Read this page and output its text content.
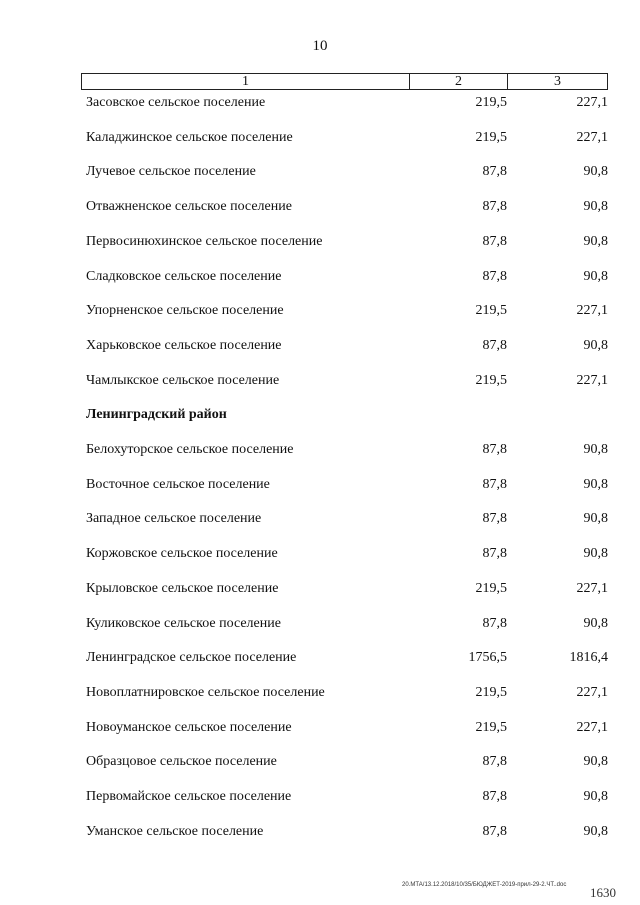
10
1	2	3
Засовское сельское поселение	219,5	227,1
Каладжинское сельское поселение	219,5	227,1
Лучевое сельское поселение	87,8	90,8
Отважненское сельское поселение	87,8	90,8
Первосинюхинское сельское поселение	87,8	90,8
Сладковское сельское поселение	87,8	90,8
Упорненское сельское поселение	219,5	227,1
Харьковское сельское поселение	87,8	90,8
Чамлыкское сельское поселение	219,5	227,1
Ленинградский район
Белохуторское сельское поселение	87,8	90,8
Восточное сельское поселение	87,8	90,8
Западное сельское поселение	87,8	90,8
Коржовское сельское поселение	87,8	90,8
Крыловское сельское поселение	219,5	227,1
Куликовское сельское поселение	87,8	90,8
Ленинградское сельское поселение	1756,5	1816,4
Новоплатнировское сельское поселение	219,5	227,1
Новоуманское сельское поселение	219,5	227,1
Образцовое сельское поселение	87,8	90,8
Первомайское сельское поселение	87,8	90,8
Уманское сельское поселение	87,8	90,8
20.МТА/13.12.2018/10/35/БЮДЖЕТ-2019-прил-29-2.ЧТ..doc 1630
